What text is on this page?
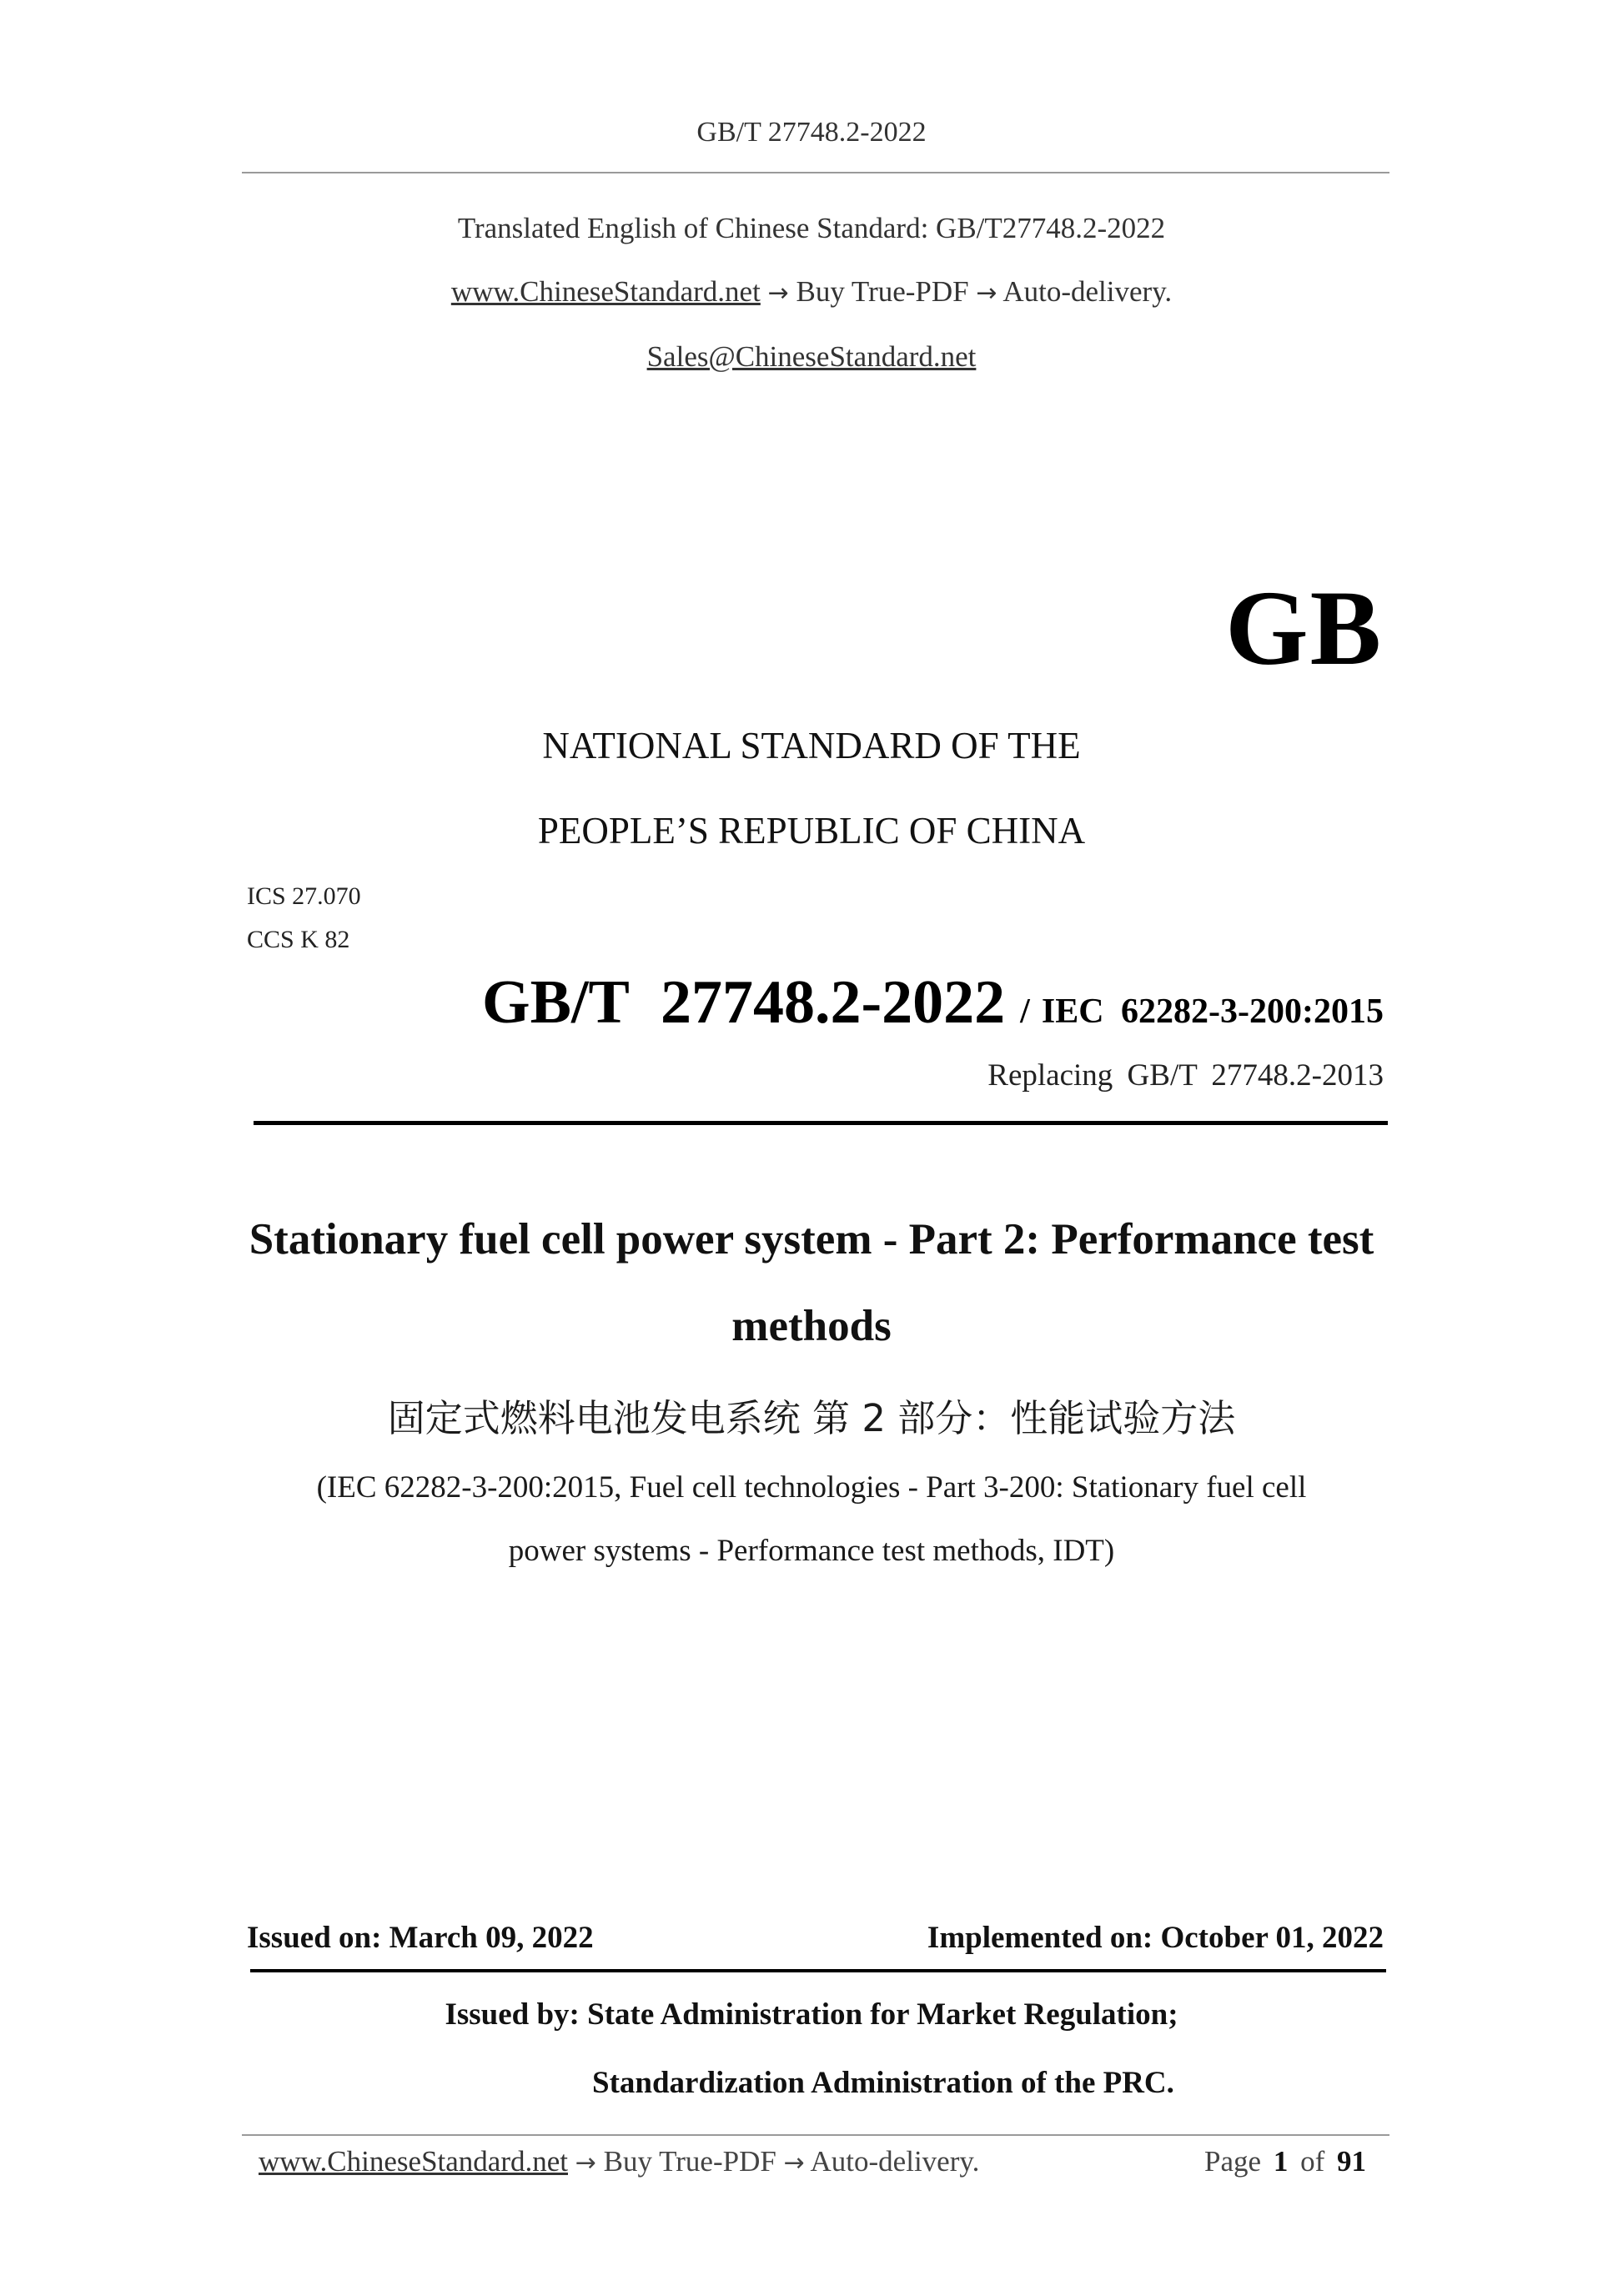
GB/T 27748.2-2022
Translated English of Chinese Standard: GB/T27748.2-2022
www.ChineseStandard.net → Buy True-PDF → Auto-delivery.
Sales@ChineseStandard.net
GB
NATIONAL STANDARD OF THE
PEOPLE’S REPUBLIC OF CHINA
ICS 27.070
CCS K 82
GB/T 27748.2-2022 / IEC 62282-3-200:2015
Replacing GB/T 27748.2-2013
Stationary fuel cell power system - Part 2: Performance test
methods
固定式燃料电池发电系统 第 2 部分：性能试验方法
(IEC 62282-3-200:2015, Fuel cell technologies - Part 3-200: Stationary fuel cell
power systems - Performance test methods, IDT)
Issued on: March 09, 2022	Implemented on: October 01, 2022
Issued by: State Administration for Market Regulation;
Standardization Administration of the PRC.
www.ChineseStandard.net → Buy True-PDF → Auto-delivery.	Page 1 of 91
